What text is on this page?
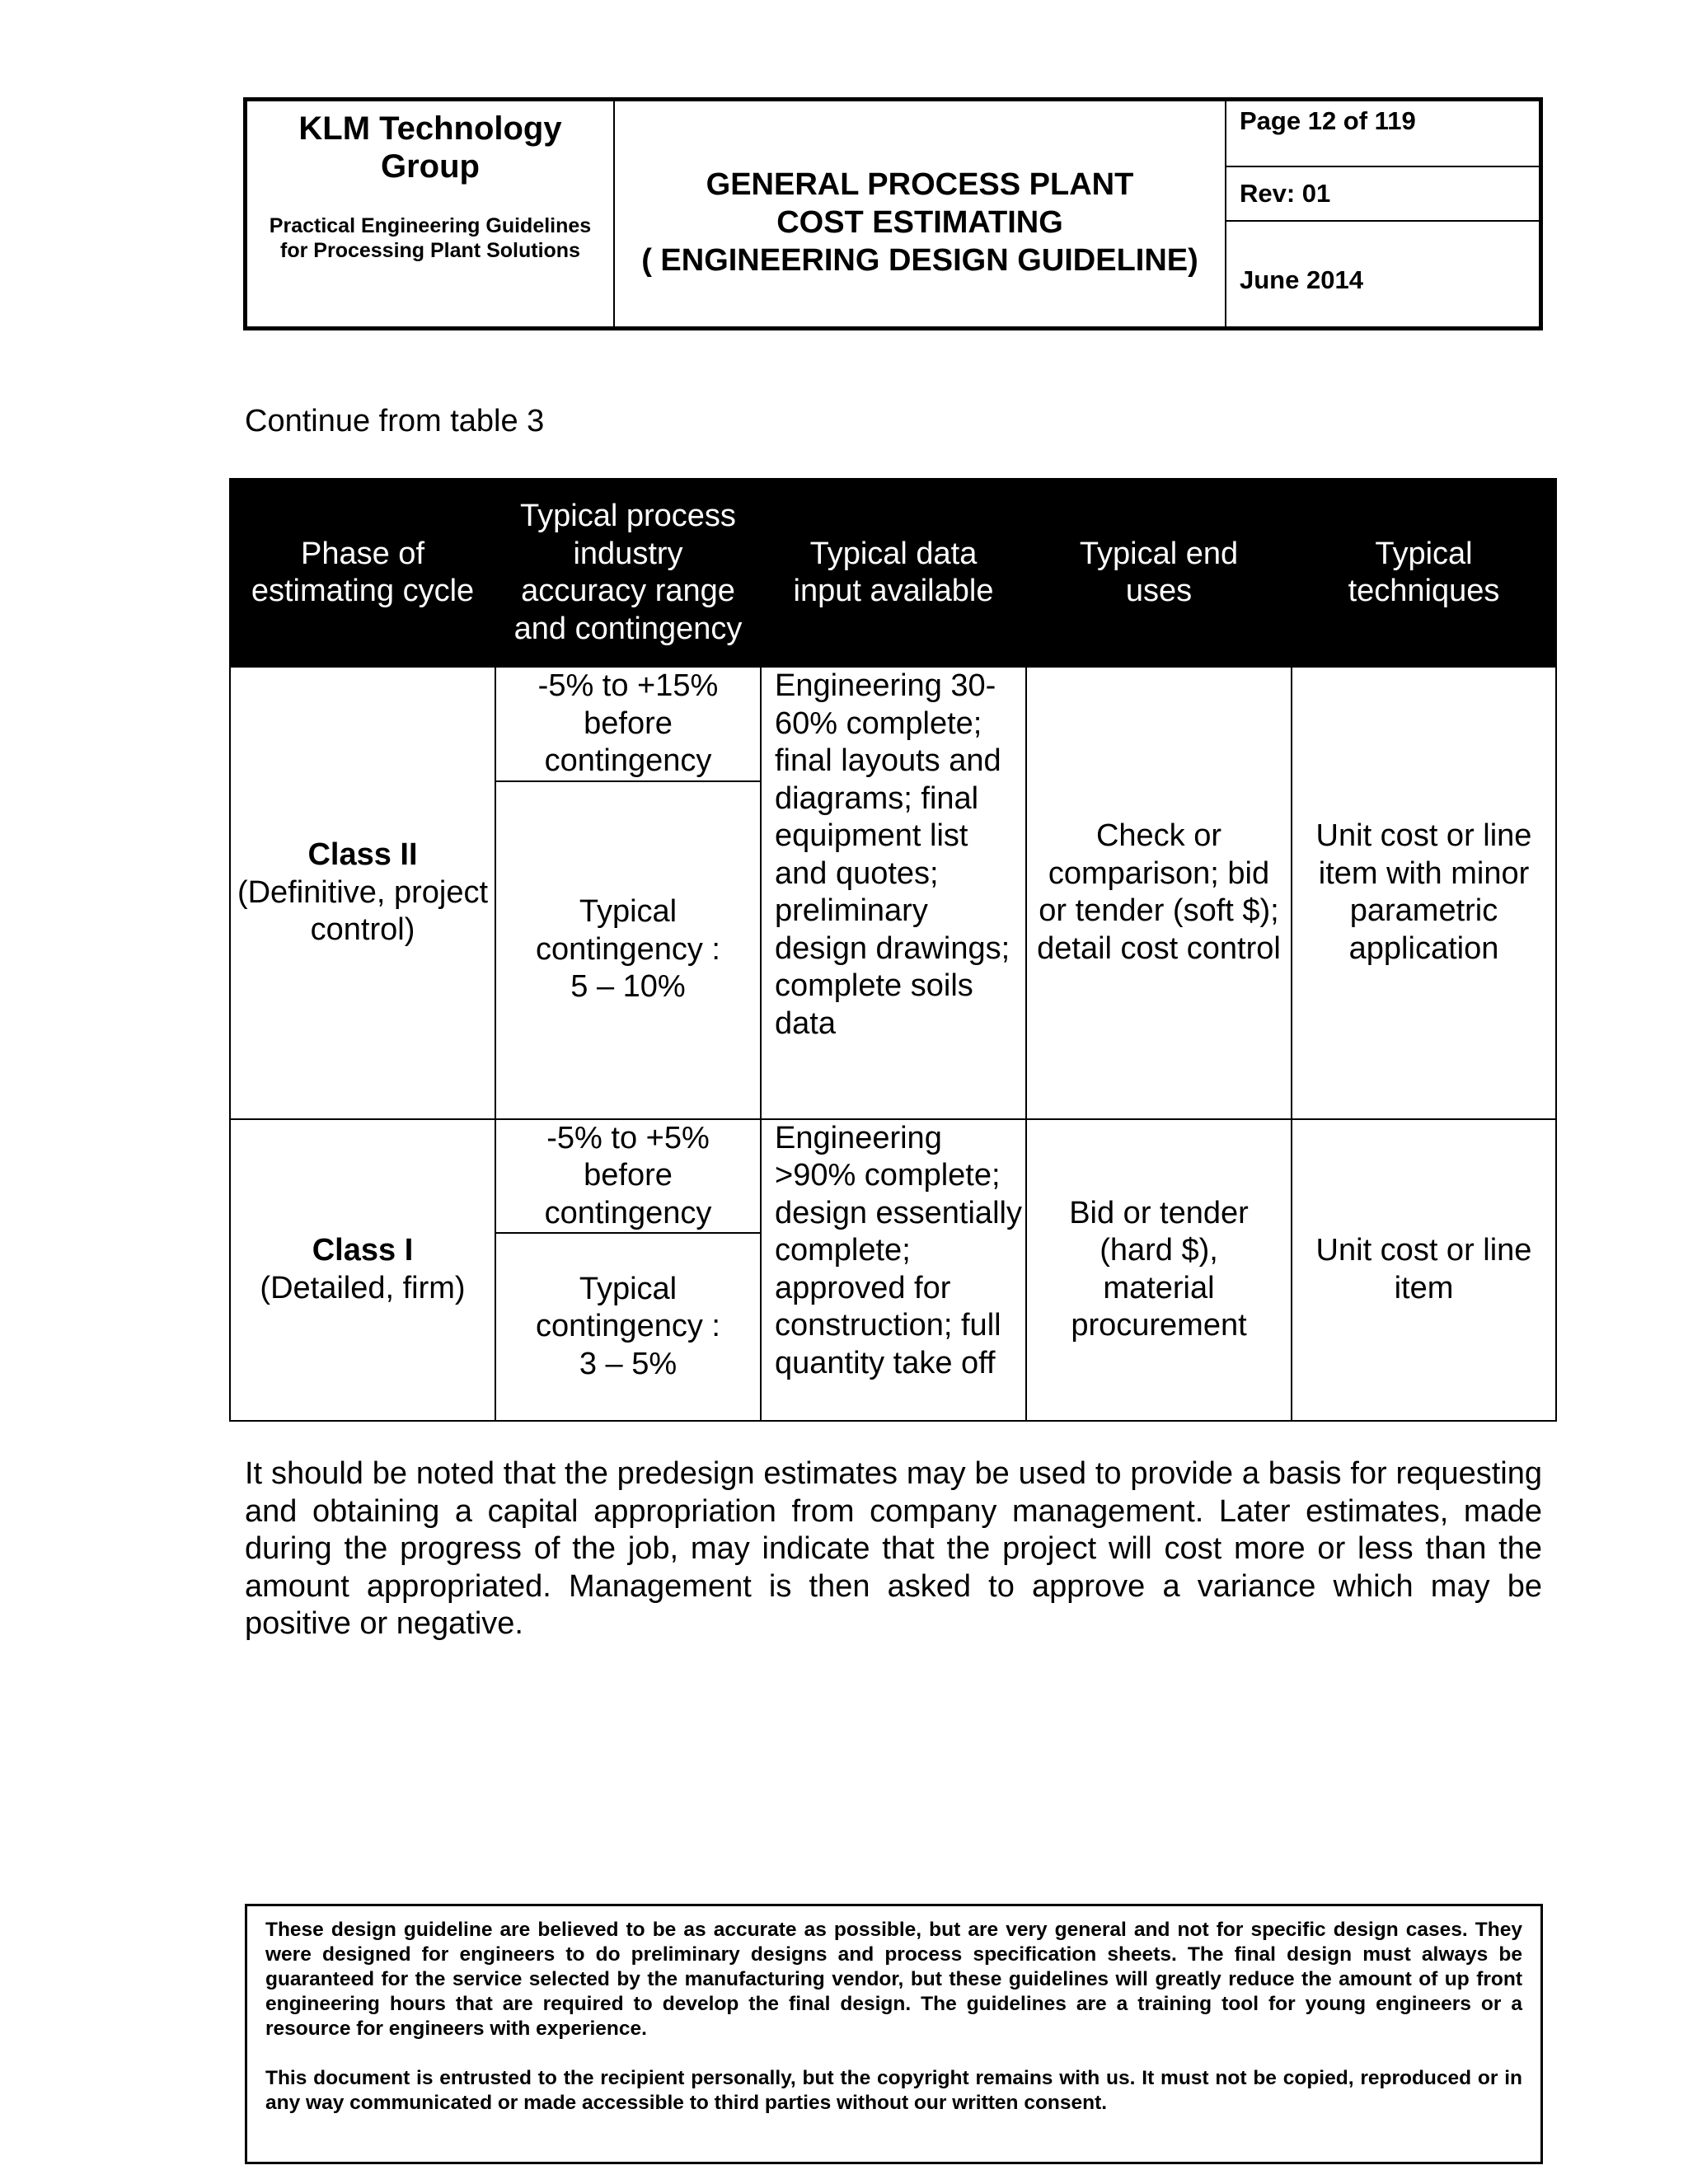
KLM Technology Group
Practical Engineering Guidelines for Processing Plant Solutions
GENERAL PROCESS PLANT
COST ESTIMATING
( ENGINEERING DESIGN GUIDELINE)
Page 12 of 119
Rev: 01
June 2014
Continue from table 3
Phase of estimating cycle	Typical process industry accuracy range and contingency	Typical data input available	Typical end uses	Typical techniques

Class II
(Definitive, project control)	-5% to +15% before contingency	Engineering 30-60% complete; final layouts and diagrams; final equipment list and quotes; preliminary design drawings; complete soils data	Check or comparison; bid or tender (soft $); detail cost control	Unit cost or line item with minor parametric application
	Typical contingency : 5 – 10%			

Class I
(Detailed, firm)	-5% to +5% before contingency	Engineering >90% complete; design essentially complete; approved for construction; full quantity take off	Bid or tender (hard $), material procurement	Unit cost or line item
	Typical contingency : 3 – 5%			

It should be noted that the predesign estimates may be used to provide a basis for requesting and obtaining a capital appropriation from company management. Later estimates, made during the progress of the job, may indicate that the project will cost more or less than the amount appropriated. Management is then asked to approve a variance which may be positive or negative.

These design guideline are believed to be as accurate as possible, but are very general and not for specific design cases. They were designed for engineers to do preliminary designs and process specification sheets. The final design must always be guaranteed for the service selected by the manufacturing vendor, but these guidelines will greatly reduce the amount of up front engineering hours that are required to develop the final design. The guidelines are a training tool for young engineers or a resource for engineers with experience.

This document is entrusted to the recipient personally, but the copyright remains with us. It must not be copied, reproduced or in any way communicated or made accessible to third parties without our written consent.
